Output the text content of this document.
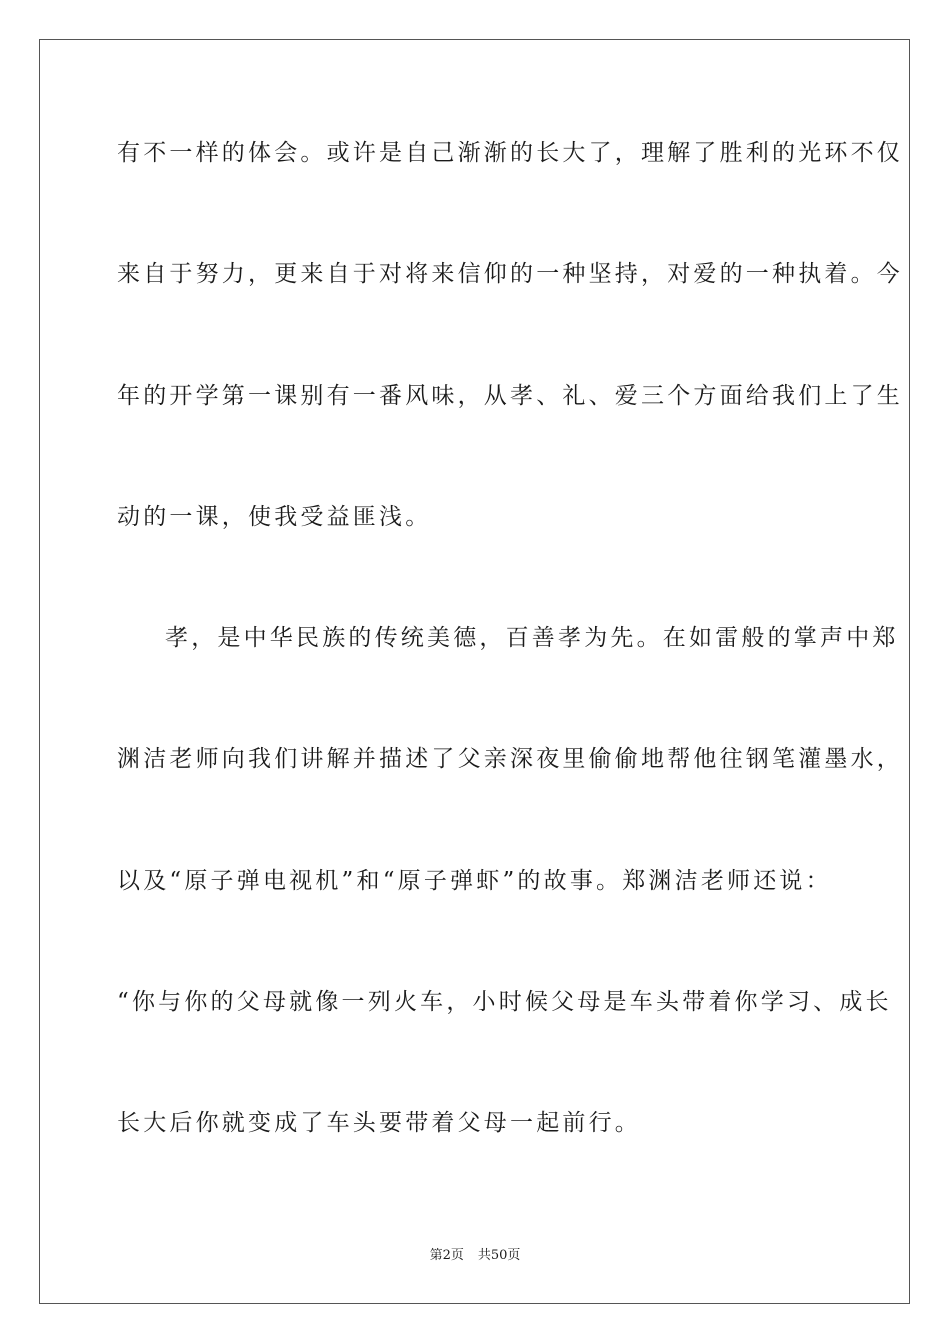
有不一样的体会。或许是自己渐渐的长大了，理解了胜利的光环不仅
来自于努力，更来自于对将来信仰的一种坚持，对爱的一种执着。今
年的开学第一课别有一番风味，从孝、礼、爱三个方面给我们上了生
动的一课，使我受益匪浅。
孝，是中华民族的传统美德，百善孝为先。在如雷般的掌声中郑
渊洁老师向我们讲解并描述了父亲深夜里偷偷地帮他往钢笔灌墨水，
以及“原子弹电视机”和“原子弹虾”的故事。郑渊洁老师还说：
“你与你的父母就像一列火车，小时候父母是车头带着你学习、成长
长大后你就变成了车头要带着父母一起前行。
第2页 共50页
